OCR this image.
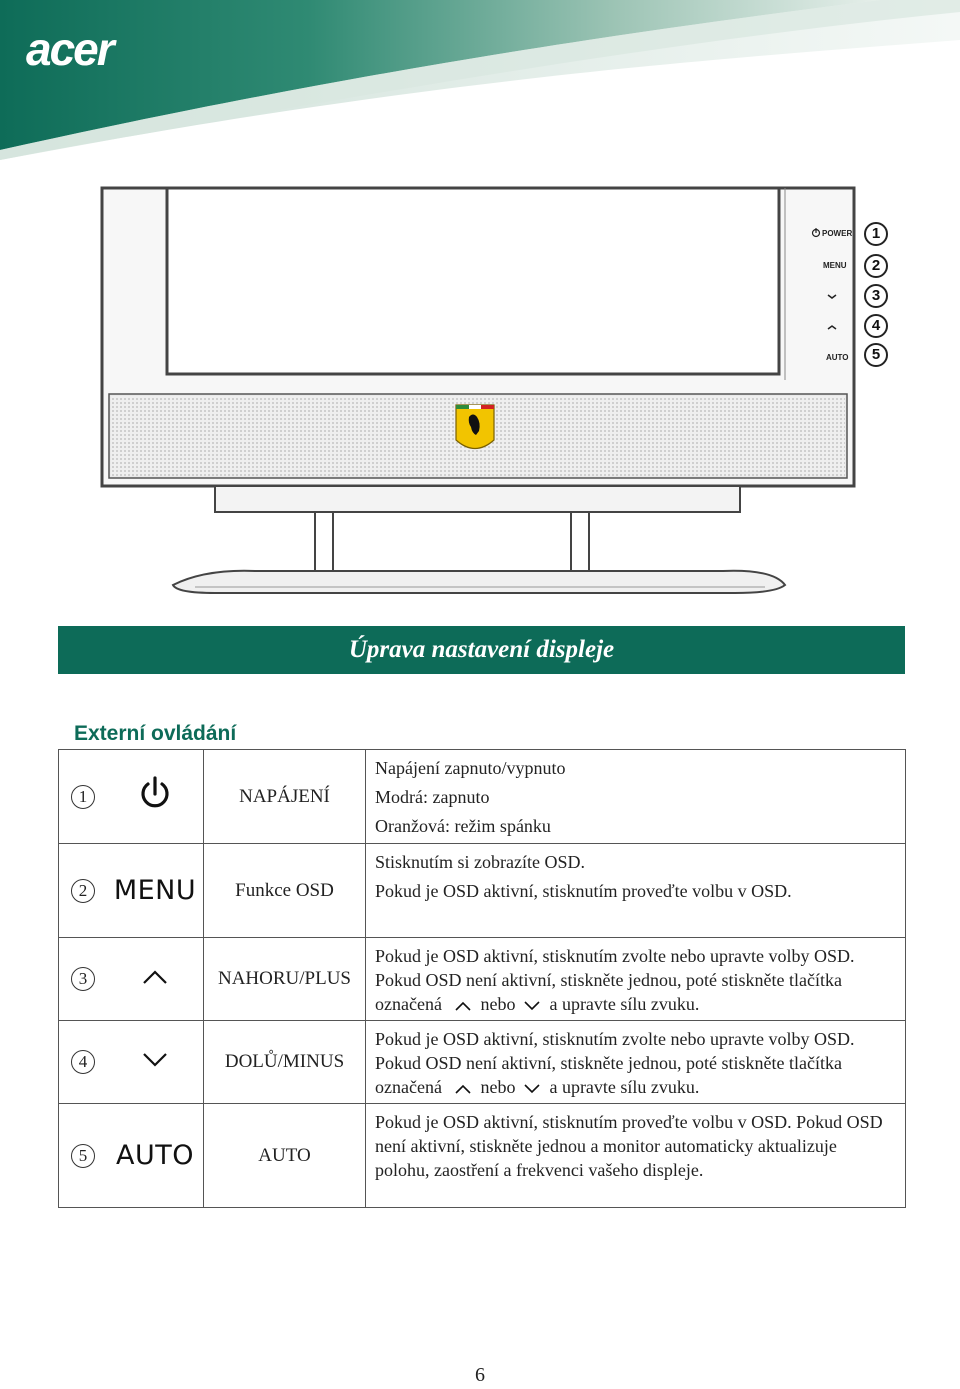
acer
POWER
MENU
AUTO
1
2
3
4
5
Úprava nastavení displeje
Externí ovládání
1		NAPÁJENÍ	Napájení zapnuto/vypnuto
Modrá: zapnuto
Oranžová: režim spánku

2	MENU	Funkce OSD	Stisknutím si zobrazíte OSD.
Pokud je OSD aktivní, stisknutím proveďte volbu v OSD.

3		NAHORU/PLUS	Pokud je OSD aktivní, stisknutím zvolte nebo upravte volby OSD. Pokud OSD není aktivní, stiskněte jednou, poté stiskněte tlačítka označená nebo a upravte sílu zvuku.
4		DOLŮ/MINUS	Pokud je OSD aktivní, stisknutím zvolte nebo upravte volby OSD. Pokud OSD není aktivní, stiskněte jednou, poté stiskněte tlačítka označená nebo a upravte sílu zvuku.
5	AUTO	AUTO	Pokud je OSD aktivní, stisknutím proveďte volbu v OSD. Pokud OSD není aktivní, stiskněte jednou a monitor automaticky aktualizuje polohu, zaostření a frekvenci vašeho displeje.
6
